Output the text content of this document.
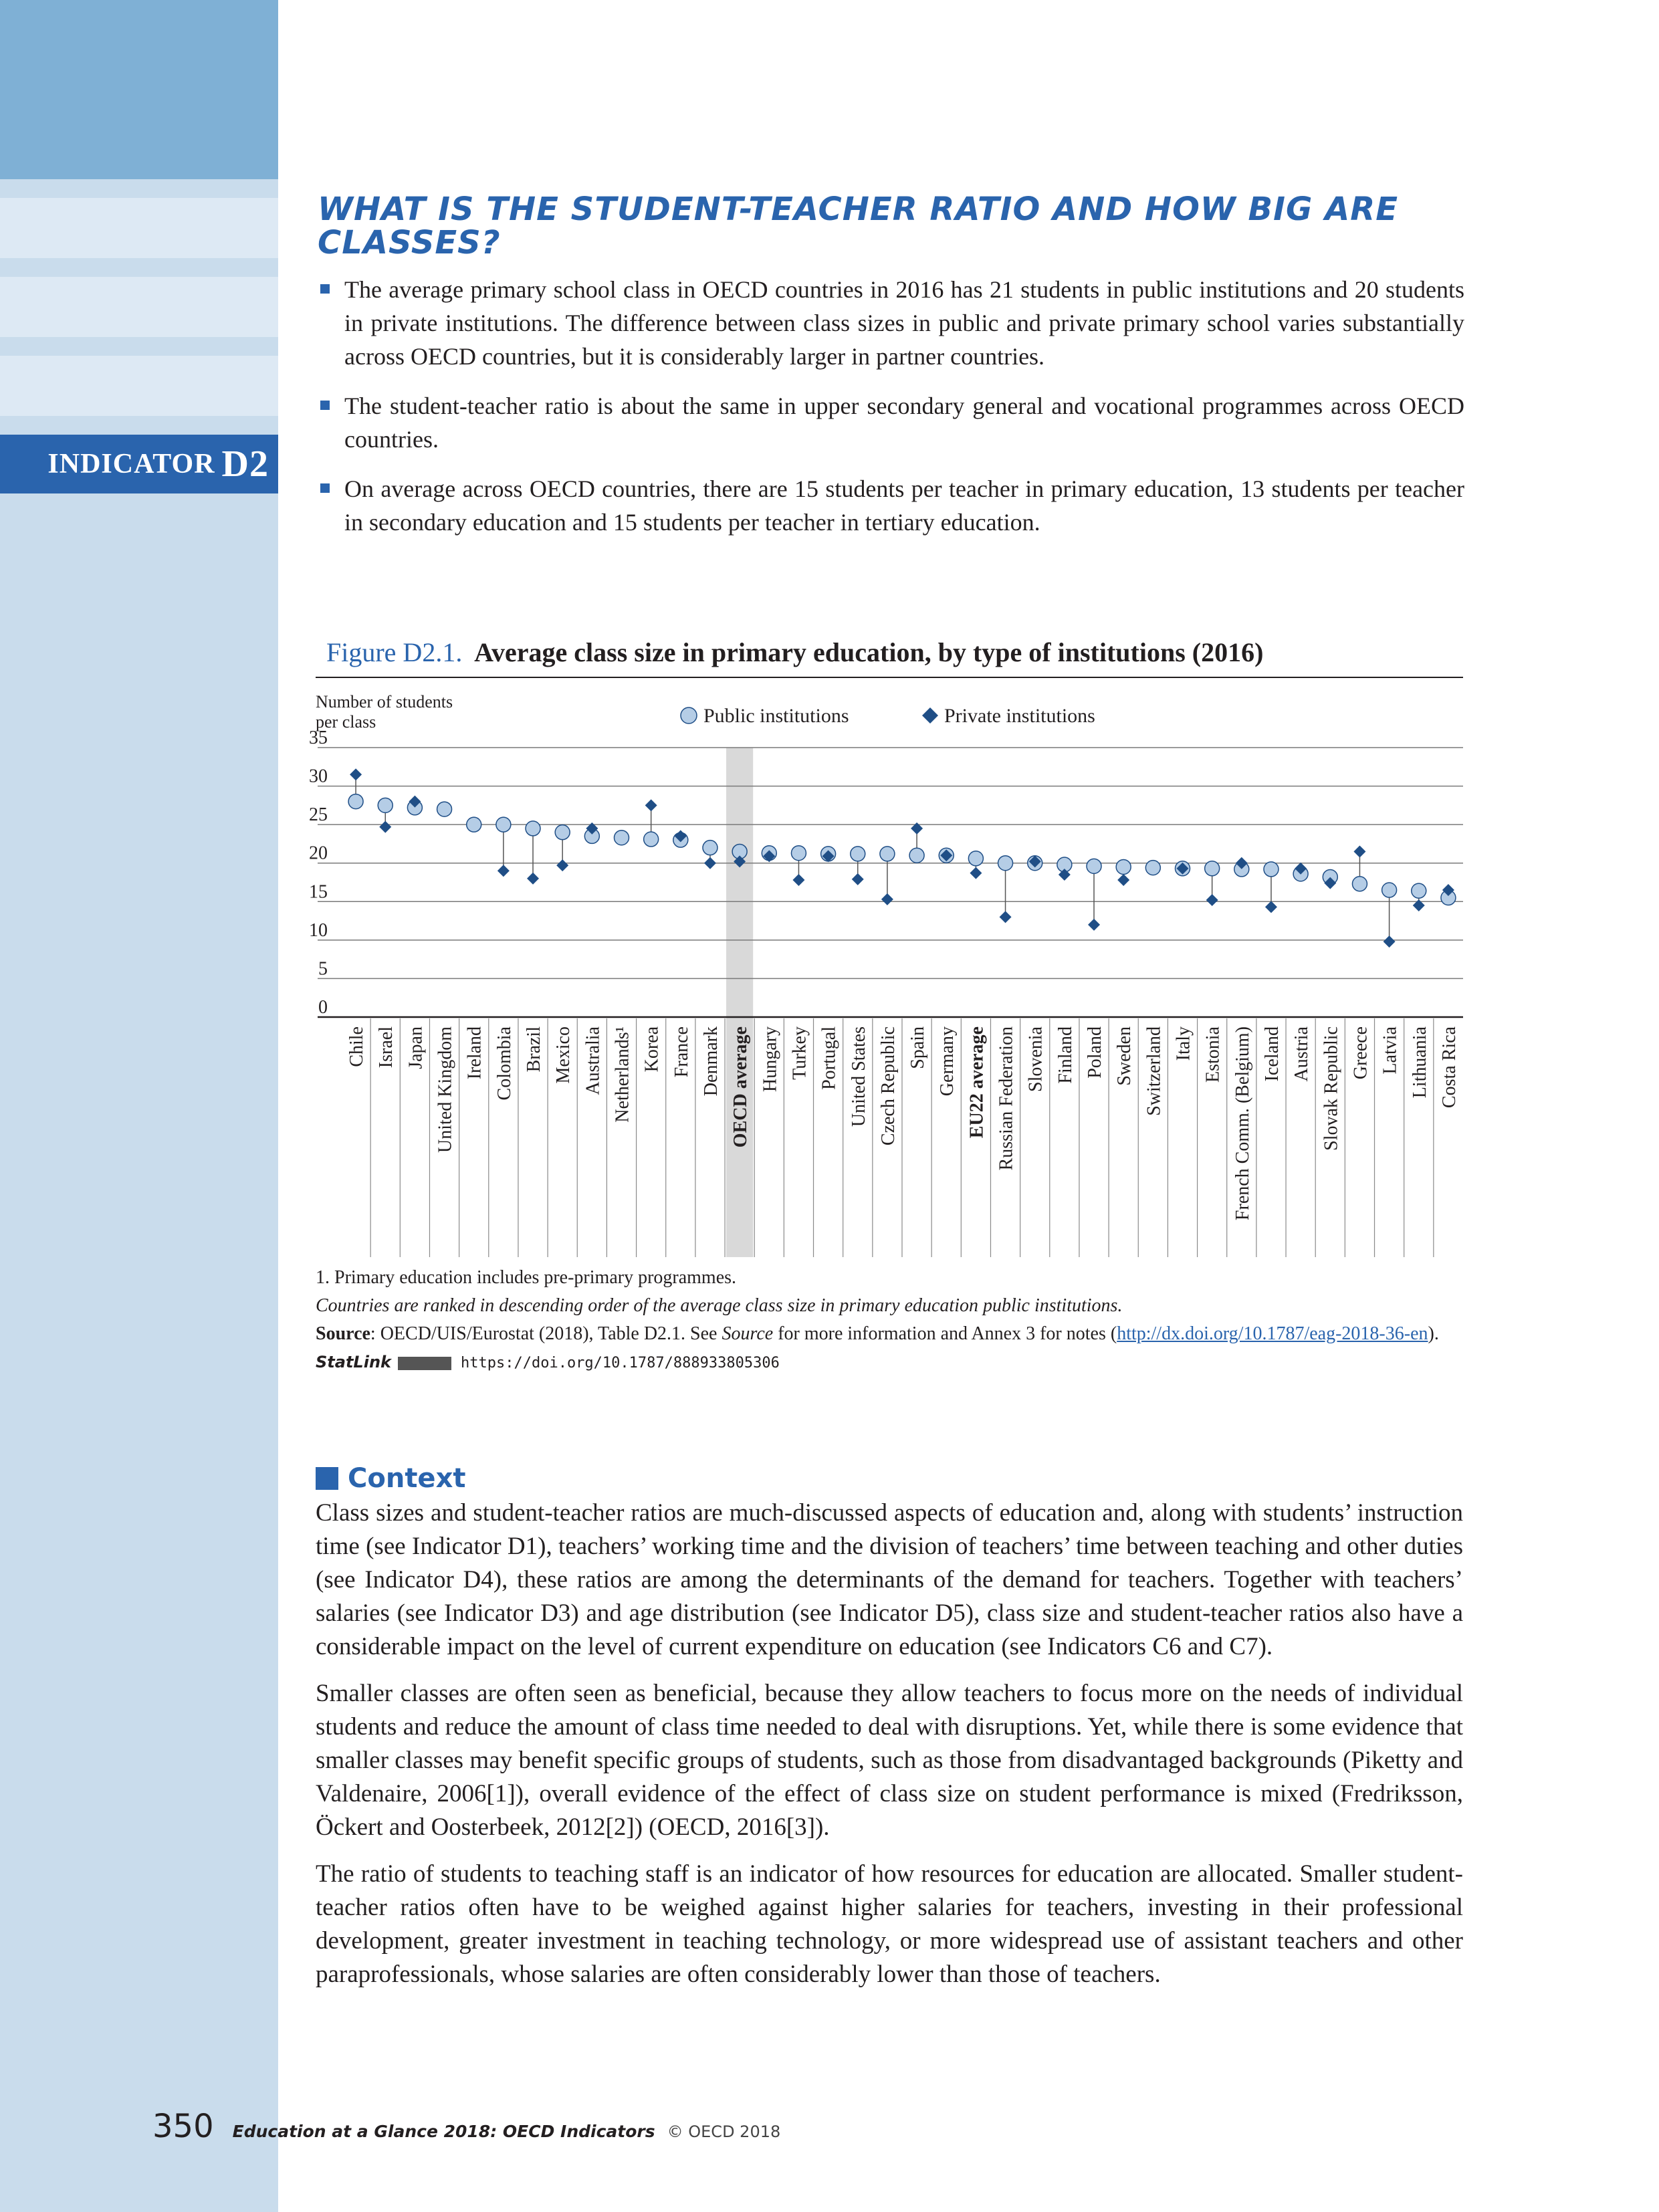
INDICATOR D2
WHAT IS THE STUDENT-TEACHER RATIO AND HOW BIG ARE CLASSES?

The average primary school class in OECD countries in 2016 has 21 students in public institutions and 20 students in private institutions. The difference between class sizes in public and private primary school varies substantially across OECD countries, but it is considerably larger in partner countries.

The student-teacher ratio is about the same in upper secondary general and vocational programmes across OECD countries.

On average across OECD countries, there are 15 students per teacher in primary education, 13 students per teacher in secondary education and 15 students per teacher in tertiary education.

Figure D2.1. Average class size in primary education, by type of institutions (2016)
0
5
10
15
20
25
30
35
Number of students
per class	Public institutions	Private institutions
Chile Israel Japan United Kingdom Ireland Colombia Brazil Mexico Australia Netherlands¹ Korea France Denmark OECD average Hungary Turkey Portugal United States Czech Republic Spain Germany EU22 average Russian Federation Slovenia Finland Poland Sweden Switzerland Italy Estonia French Comm. (Belgium) Iceland Austria Slovak Republic Greece Latvia Lithuania Costa Rica
1. Primary education includes pre-primary programmes.
Countries are ranked in descending order of the average class size in primary education public institutions.
Source: OECD/UIS/Eurostat (2018), Table D2.1. See Source for more information and Annex 3 for notes (http://dx.doi.org/10.1787/eag-2018-36-en).
StatLink	https://doi.org/10.1787/888933805306
Context

Class sizes and student-teacher ratios are much-discussed aspects of education and, along with students’ instruction time (see Indicator D1), teachers’ working time and the division of teachers’ time between teaching and other duties (see Indicator D4), these ratios are among the determinants of the demand for teachers. Together with teachers’ salaries (see Indicator D3) and age distribution (see Indicator D5), class size and student-teacher ratios also have a considerable impact on the level of current expenditure on education (see Indicators C6 and C7).

Smaller classes are often seen as beneficial, because they allow teachers to focus more on the needs of individual students and reduce the amount of class time needed to deal with disruptions. Yet, while there is some evidence that smaller classes may benefit specific groups of students, such as those from disadvantaged backgrounds (Piketty and Valdenaire, 2006[1]), overall evidence of the effect of class size on student performance is mixed (Fredriksson, Öckert and Oosterbeek, 2012[2]) (OECD, 2016[3]).

The ratio of students to teaching staff is an indicator of how resources for education are allocated. Smaller student-teacher ratios often have to be weighed against higher salaries for teachers, investing in their professional development, greater investment in teaching technology, or more widespread use of assistant teachers and other paraprofessionals, whose salaries are often considerably lower than those of teachers.

350 Education at a Glance 2018: OECD Indicators © OECD 2018
